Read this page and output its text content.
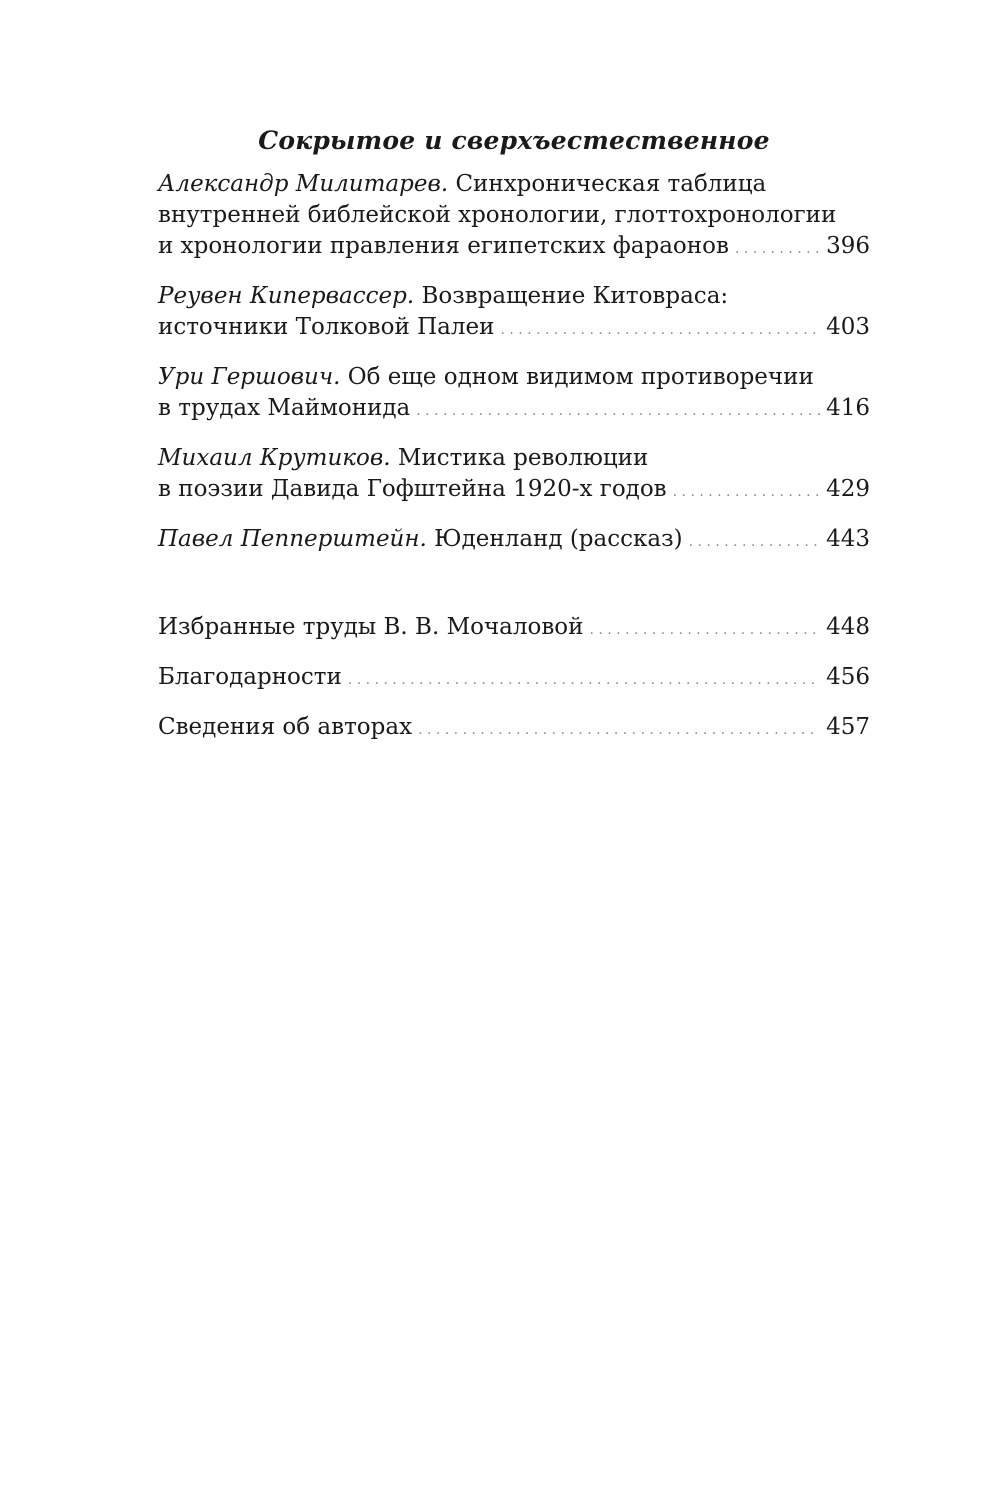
Сокрытое и сверхъестественное
Александр Милитарев. Синхроническая таблица
внутренней библейской хронологии, глоттохронологии
и хронологии правления египетских фараонов . . .	396
Реувен Кипервассер. Возвращение Китовраса:
источники Толковой Палеи . . .	403
Ури Гершович. Об еще одном видимом противоречии
в трудах Маймонида . . .	416
Михаил Крутиков. Мистика революции
в поэзии Давида Гофштейна 1920-х годов . . .	429
Павел Пепперштейн. Юденланд (рассказ) . . .	443
Избранные труды В. В. Мочаловой . . .	448
Благодарности . . .	456
Сведения об авторах . . .	457
